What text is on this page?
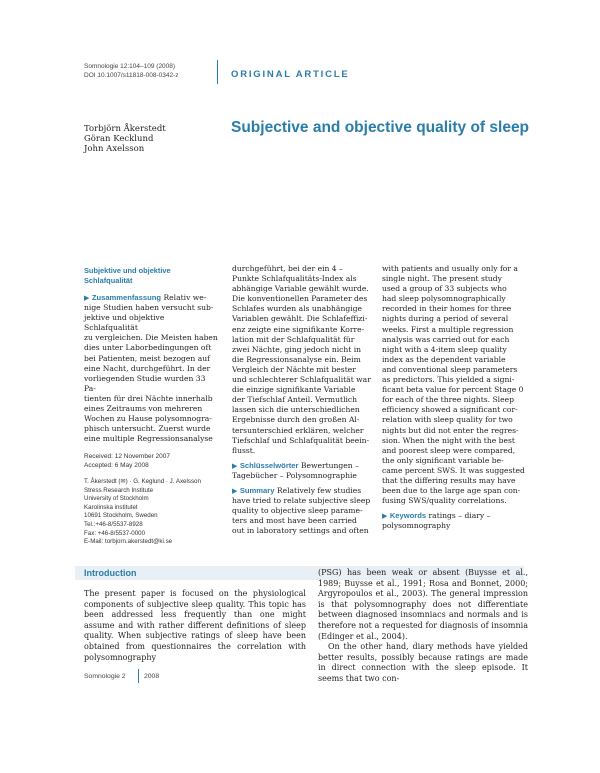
Somnologie 12:104–109 (2008)
DOI 10.1007/s11818-008-0342-z	ORIGINAL ARTICLE
Torbjörn Åkerstedt
Göran Kecklund
John Axelsson
Subjective and objective quality of sleep
Subjektive und objektive
Schlafqualität
▶ Zusammenfassung Relativ we-
nige Studien haben versucht sub-
jektive und objektive Schlafqualität
zu vergleichen. Die Meisten haben
dies unter Laborbedingungen oft
bei Patienten, meist bezogen auf
eine Nacht, durchgeführt. In der
vorliegenden Studie wurden 33 Pa-
tienten für drei Nächte innerhalb
eines Zeitraums von mehreren
Wochen zu Hause polysomnogra-
phisch untersucht. Zuerst wurde
eine multiple Regressionsanalyse
Received: 12 November 2007
Accepted: 6 May 2008
T. Åkerstedt (✉) · G. Keglund · J. Axelsson
Stress Research Institute
University of Stockholm
Karolinska institutet
10691 Stockholm, Sweden
Tel.:+46-8/5537-8928
Fax: +46-8/5537-0000
E-Mail: torbjorn.akerstedt@ki.se
durchgeführt, bei der ein 4 –
Punkte Schlafqualitäts-Index als
abhängige Variable gewählt wurde.
Die konventionellen Parameter des
Schlafes wurden als unabhängige
Variablen gewählt. Die Schlafeffizi-
enz zeigte eine signifikante Korre-
lation mit der Schlafqualität für
zwei Nächte, ging jedoch nicht in
die Regressionsanalyse ein. Beim
Vergleich der Nächte mit bester
und schlechterer Schlafqualität war
die einzige signifikante Variable
der Tiefschlaf Anteil. Vermutlich
lassen sich die unterschiedlichen
Ergebnisse durch den großen Al-
tersunterschied erklären, welcher
Tiefschlaf und Schlafqualität beein-
flusst.
▶ Schlüsselwörter Bewertungen –
Tagebücher – Polysomnographie
▶ Summary Relatively few studies
have tried to relate subjective sleep
quality to objective sleep parame-
ters and most have been carried
out in laboratory settings and often
with patients and usually only for a
single night. The present study
used a group of 33 subjects who
had sleep polysomnographically
recorded in their homes for three
nights during a period of several
weeks. First a multiple regression
analysis was carried out for each
night with a 4-item sleep quality
index as the dependent variable
and conventional sleep parameters
as predictors. This yielded a signi-
ficant beta value for percent Stage 0
for each of the three nights. Sleep
efficiency showed a significant cor-
relation with sleep quality for two
nights but did not enter the regres-
sion. When the night with the best
and poorest sleep were compared,
the only significant variable be-
came percent SWS. It was suggested
that the differing results may have
been due to the large age span con-
fusing SWS/quality correlations.
▶ Keywords ratings – diary –
polysomnography
Introduction

The present paper is focused on the physiological components of subjective sleep quality. This topic has been addressed less frequently than one might assume and with rather different definitions of sleep quality. When subjective ratings of sleep have been obtained from questionnaires the correlation with polysomnography

(PSG) has been weak or absent (Buysse et al., 1989; Buysse et al., 1991; Rosa and Bonnet, 2000; Argyropoulos et al., 2003). The general impression is that polysomnography does not differentiate between diagnosed insomniacs and normals and is therefore not a requested for diagnosis of insomnia (Edinger et al., 2004).

On the other hand, diary methods have yielded better results, possibly because ratings are made in direct connection with the sleep episode. It seems that two con-

Somnologie 2	2008
